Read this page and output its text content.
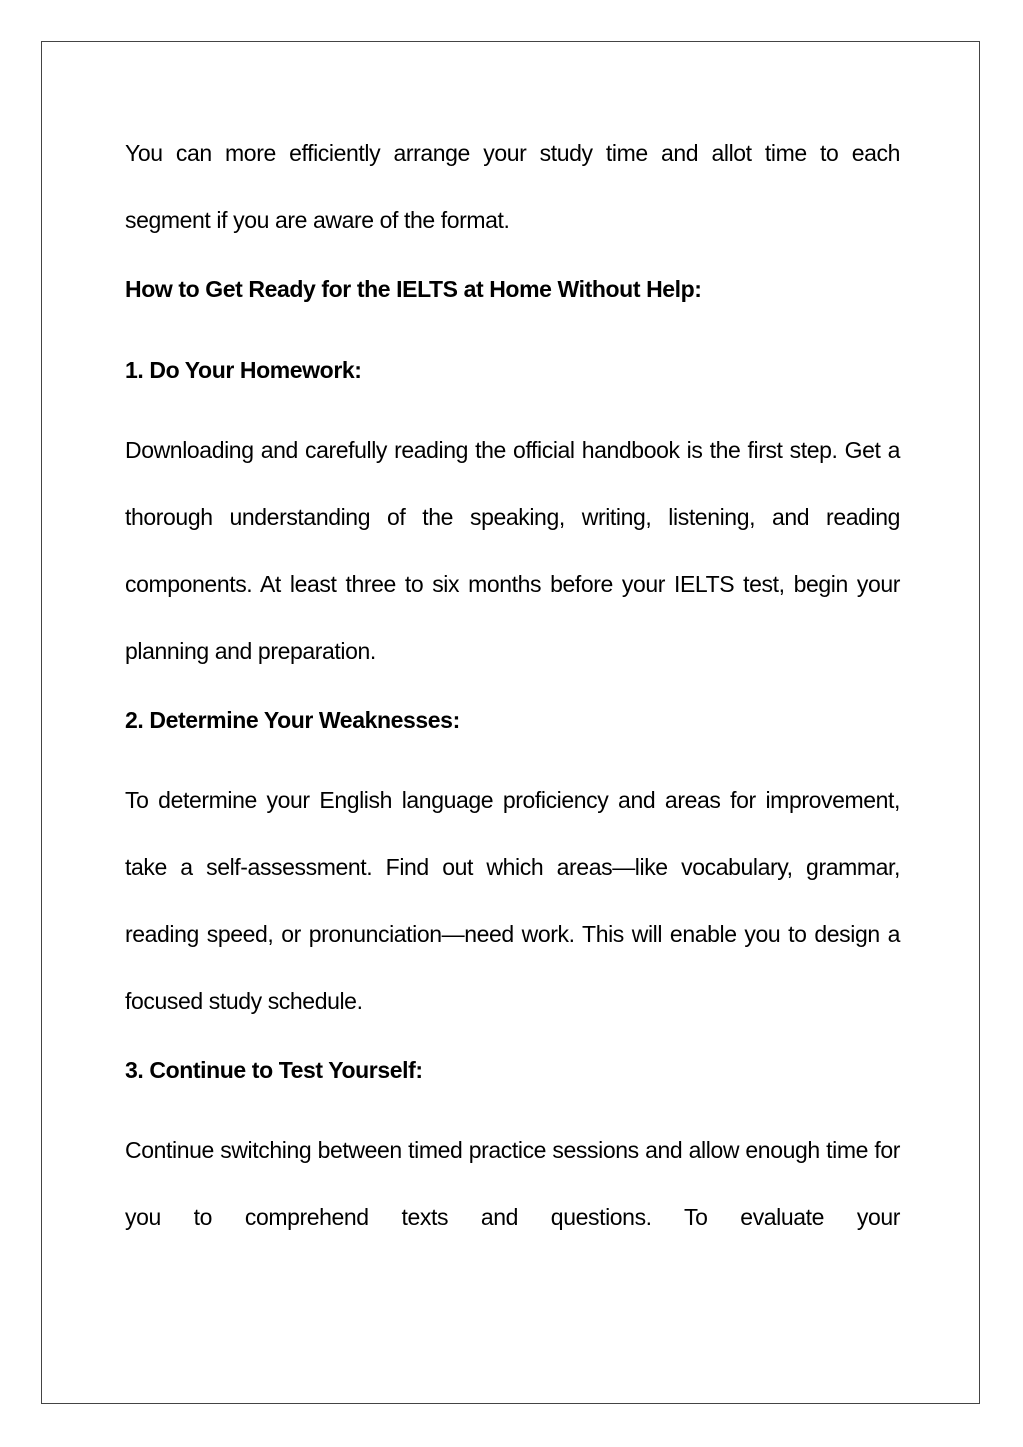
You can more efficiently arrange your study time and allot time to each segment if you are aware of the format.

How to Get Ready for the IELTS at Home Without Help:
1. Do Your Homework:

Downloading and carefully reading the official handbook is the first step. Get a thorough understanding of the speaking, writing, listening, and reading components. At least three to six months before your IELTS test, begin your planning and preparation.

2. Determine Your Weaknesses:

To determine your English language proficiency and areas for improvement, take a self-assessment. Find out which areas—like vocabulary, grammar, reading speed, or pronunciation—need work. This will enable you to design a focused study schedule.

3. Continue to Test Yourself:

Continue switching between timed practice sessions and allow enough time for you to comprehend texts and questions. To evaluate your
